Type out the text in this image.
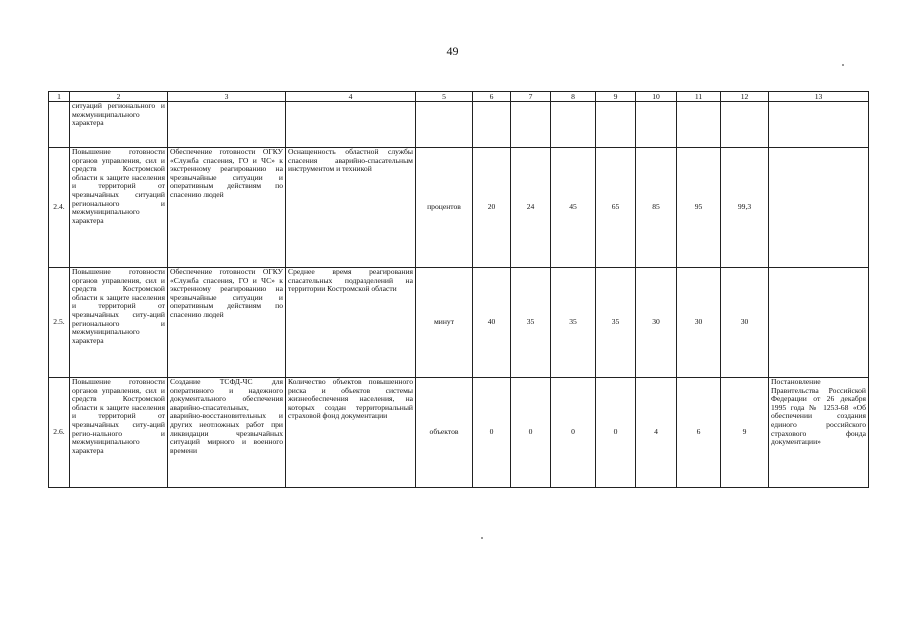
49
1	2	3	4	5	6	7	8	9	10	11	12	13
	ситуаций регионального и межмуниципального характера											
2.4.	Повышение готовности органов управления, сил и средств Костромской области к защите населения и территорий от чрезвычайных ситуаций регионального и межмуниципального характера	Обеспечение готовности ОГКУ «Служба спасения, ГО и ЧС» к экстренному реагированию на чрезвычайные ситуации и оперативным действиям по спасению людей	Оснащенность областной службы спасения аварийно-спасательным инструментом и техникой	процентов	20	24	45	65	85	95	99,3	
2.5.	Повышение готовности органов управления, сил и средств Костромской области к защите населения и территорий от чрезвычайных ситу-аций регионального и межмуниципального характера	Обеспечение готовности ОГКУ «Служба спасения, ГО и ЧС» к экстренному реагированию на чрезвычайные ситуации и оперативным действиям по спасению людей	Среднее время реагирования спасательных подразделений на территории Костромской области	минут	40	35	35	35	30	30	30	
2.6.	Повышение готовности органов управления, сил и средств Костромской области к защите населения и территорий от чрезвычайных ситу-аций регио-нального и межмуниципального характера	Создание ТСФД-ЧС для оперативного и надежного документального обеспечения аварийно-спасательных, аварийно-восстановительных и других неотложных работ при ликвидации чрезвычайных ситуаций мирного и военного времени	Количество объектов повышенного риска и объектов системы жизнеобеспечения населения, на которых создан территориальный страховой фонд документации	объектов	0	0	0	0	4	6	9	Постановление Правительства Российской Федерации от 26 декабря 1995 года № 1253-68 «Об обеспечении создания единого российского страхового фонда документации»
